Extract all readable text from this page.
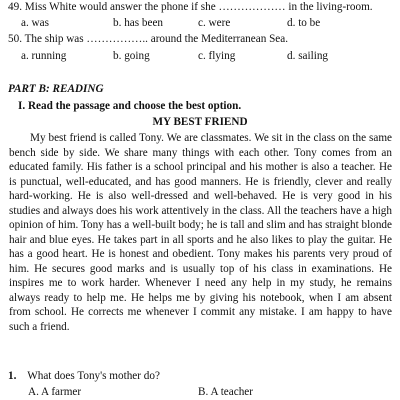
49. Miss White would answer the phone if she ……………… in the living-room.
a. was	b. has been	c. were	d. to be
50. The ship was …………….. around the Mediterranean Sea.
a. running	b. going	c. flying	d. sailing
PART B: READING
I. Read the passage and choose the best option.
MY BEST FRIEND

My best friend is called Tony. We are classmates. We sit in the class on the same bench side by side. We share many things with each other. Tony comes from an educated family. His father is a school principal and his mother is also a teacher. He is punctual, well-educated, and has good manners. He is friendly, clever and really hard-working. He is also well-dressed and well-behaved. He is very good in his studies and always does his work attentively in the class. All the teachers have a high opinion of him. Tony has a well-built body; he is tall and slim and has straight blonde hair and blue eyes. He takes part in all sports and he also likes to play the guitar. He has a good heart. He is honest and obedient. Tony makes his parents very proud of him. He secures good marks and is usually top of his class in examinations. He inspires me to work harder. Whenever I need any help in my study, he remains always ready to help me. He helps me by giving his notebook, when I am absent from school. He corrects me whenever I commit any mistake. I am happy to have such a friend.

1. What does Tony's mother do?
A. A farmer	B. A teacher
